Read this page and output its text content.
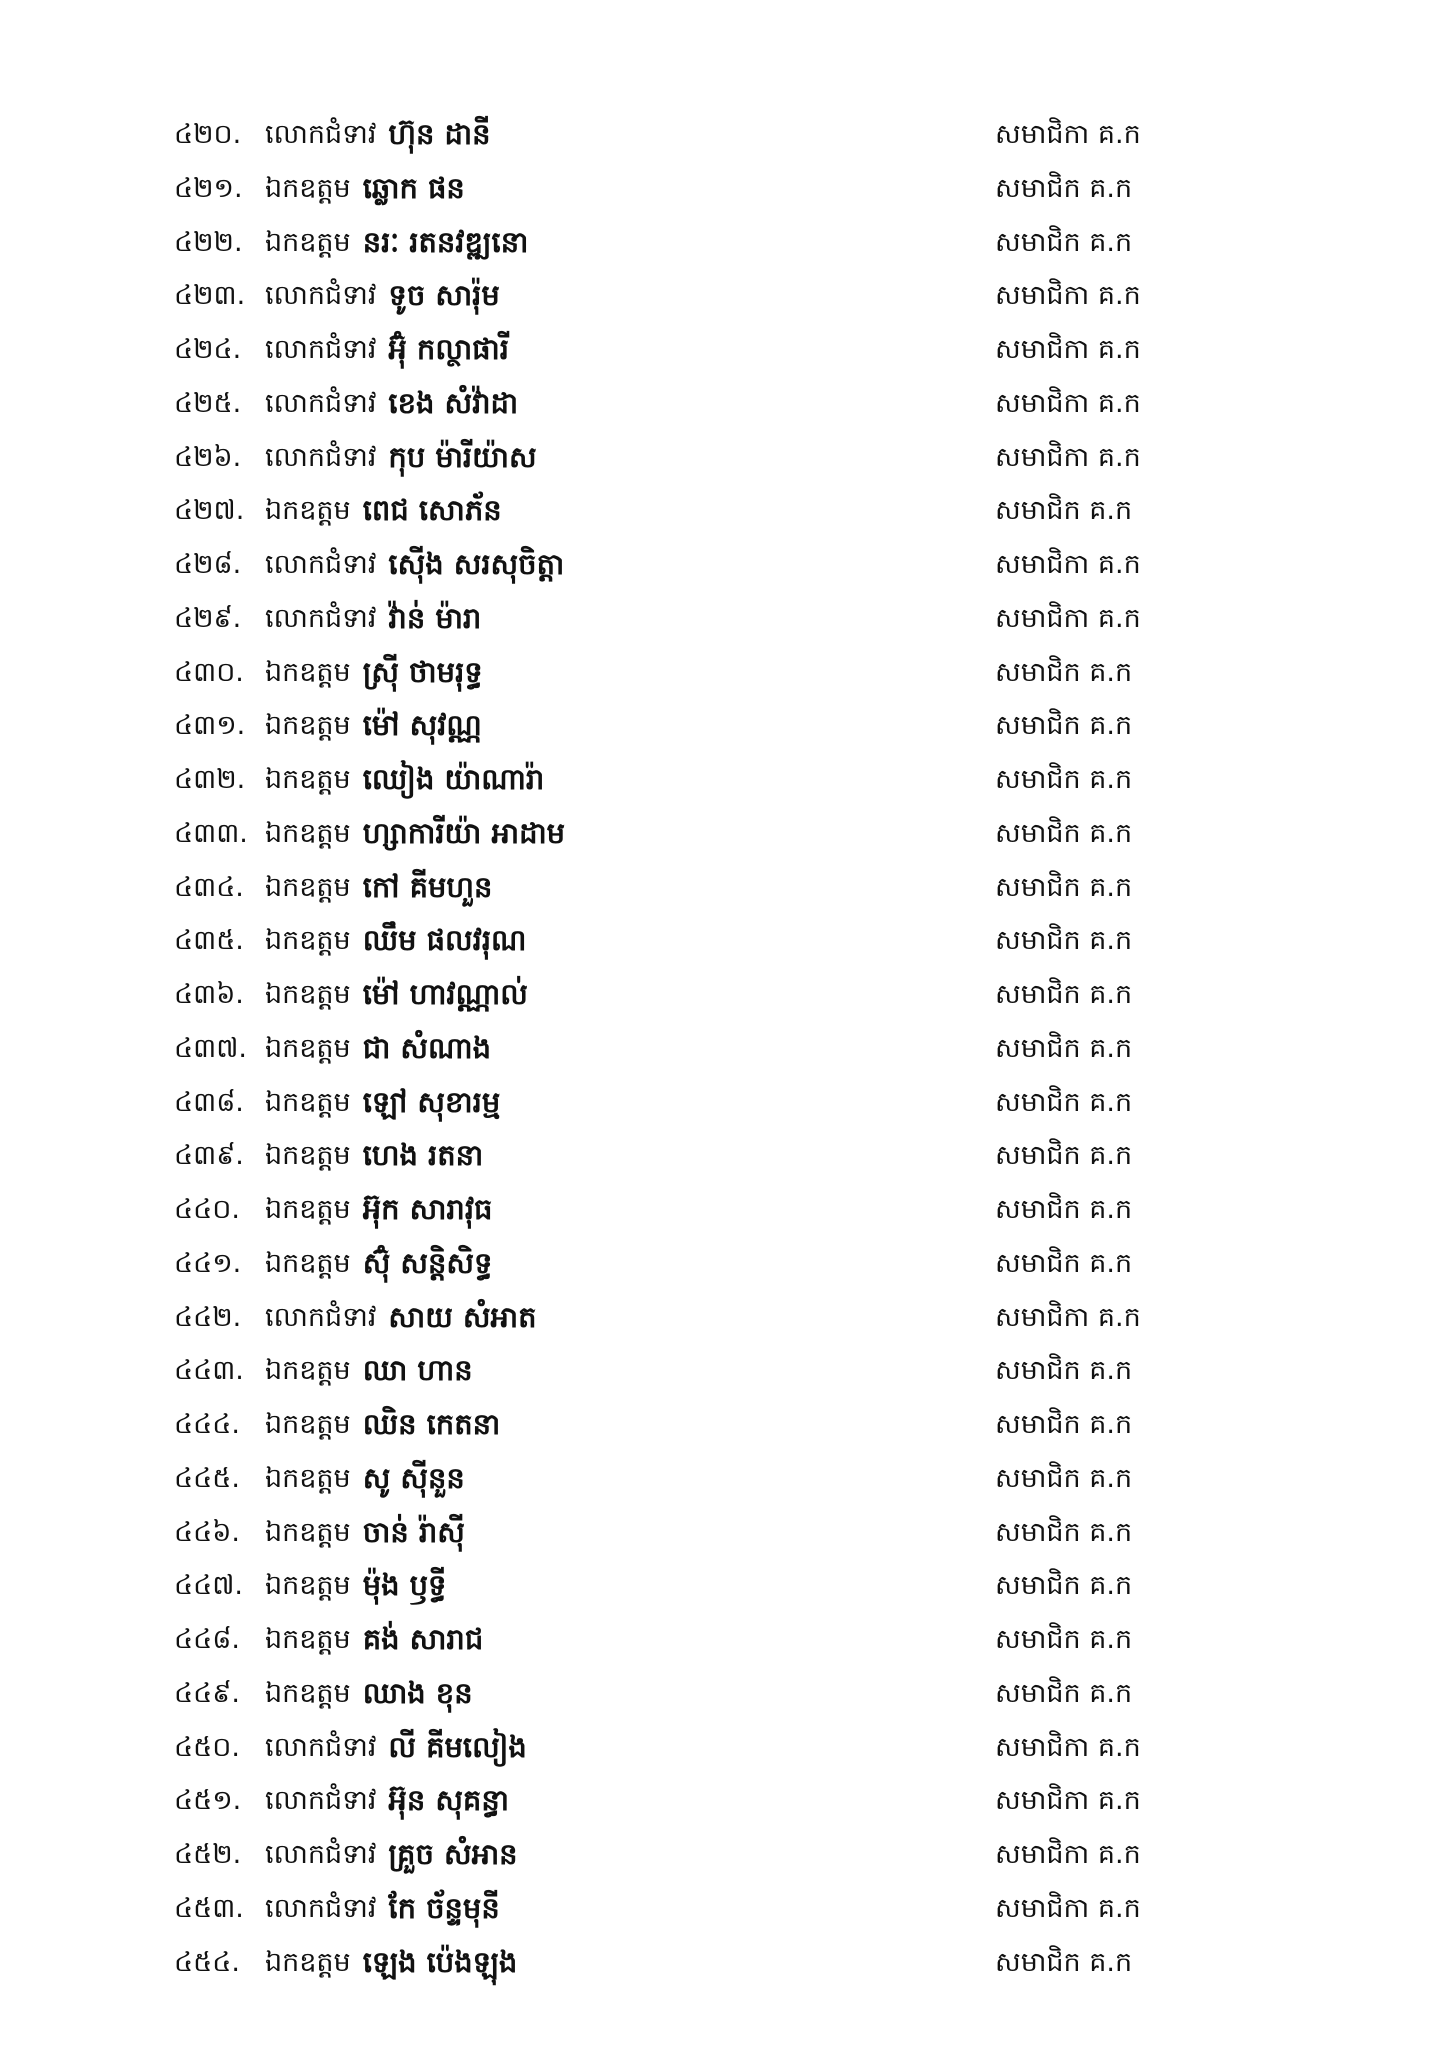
៤២០. លោកជំទាវ ហ៊ុន ដានី	សមាជិកា គ.ក
៤២១. ឯកឧត្តម ឆ្លោក ផន	សមាជិក គ.ក
៤២២. ឯកឧត្តម នរៈ រតនវឌ្ឍនោ	សមាជិក គ.ក
៤២៣. លោកជំទាវ ទូច សារ៉ុម	សមាជិកា គ.ក
៤២៤. លោកជំទាវ អ៊ុំ កល្ថាផារី	សមាជិកា គ.ក
៤២៥. លោកជំទាវ ខេង សំវ៉ាដា	សមាជិកា គ.ក
៤២៦. លោកជំទាវ កុប ម៉ារីយ៉ាស	សមាជិកា គ.ក
៤២៧. ឯកឧត្តម ពេជ សោភ័ន	សមាជិក គ.ក
៤២៨. លោកជំទាវ ស៊ើង សរសុចិត្តា	សមាជិកា គ.ក
៤២៩. លោកជំទាវ វ៉ាន់ ម៉ារា	សមាជិកា គ.ក
៤៣០. ឯកឧត្តម ស្រ៊ី ថាមរុទ្ធ	សមាជិក គ.ក
៤៣១. ឯកឧត្តម ម៉ៅ សុវណ្ណ	សមាជិក គ.ក
៤៣២. ឯកឧត្តម ឈៀង យ៉ាណារ៉ា	សមាជិក គ.ក
៤៣៣. ឯកឧត្តម ហ្សាការីយ៉ា អាដាម	សមាជិក គ.ក
៤៣៤. ឯកឧត្តម កៅ គីមហួន	សមាជិក គ.ក
៤៣៥. ឯកឧត្តម ឈឹម ផលវរុណ	សមាជិក គ.ក
៤៣៦. ឯកឧត្តម ម៉ៅ ហាវណ្ណាល់	សមាជិក គ.ក
៤៣៧. ឯកឧត្តម ជា សំណាង	សមាជិក គ.ក
៤៣៨. ឯកឧត្តម ឡៅ សុខារម្ម	សមាជិក គ.ក
៤៣៩. ឯកឧត្តម ហេង រតនា	សមាជិក គ.ក
៤៤០. ឯកឧត្តម អ៊ុក សារាវុធ	សមាជិក គ.ក
៤៤១. ឯកឧត្តម ស៊ុំ សន្តិសិទ្ធ	សមាជិក គ.ក
៤៤២. លោកជំទាវ សាយ សំអាត	សមាជិកា គ.ក
៤៤៣. ឯកឧត្តម ឈា ហាន	សមាជិក គ.ក
៤៤៤. ឯកឧត្តម ឈិន កេតនា	សមាជិក គ.ក
៤៤៥. ឯកឧត្តម សូ ស៊ីនួន	សមាជិក គ.ក
៤៤៦. ឯកឧត្តម ចាន់ រ៉ាស៊ី	សមាជិក គ.ក
៤៤៧. ឯកឧត្តម ម៉ុង ឫទ្ធី	សមាជិក គ.ក
៤៤៨. ឯកឧត្តម គង់ សារាជ	សមាជិក គ.ក
៤៤៩. ឯកឧត្តម ឈាង ខុន	សមាជិក គ.ក
៤៥០. លោកជំទាវ លី គីមលៀង	សមាជិកា គ.ក
៤៥១. លោកជំទាវ អ៊ុន សុគន្ធា	សមាជិកា គ.ក
៤៥២. លោកជំទាវ គ្រួច សំអាន	សមាជិកា គ.ក
៤៥៣. លោកជំទាវ កែ ច័ន្ទមុនី	សមាជិកា គ.ក
៤៥៤. ឯកឧត្តម ឡេង ប៉េងឡុង	សមាជិក គ.ក
